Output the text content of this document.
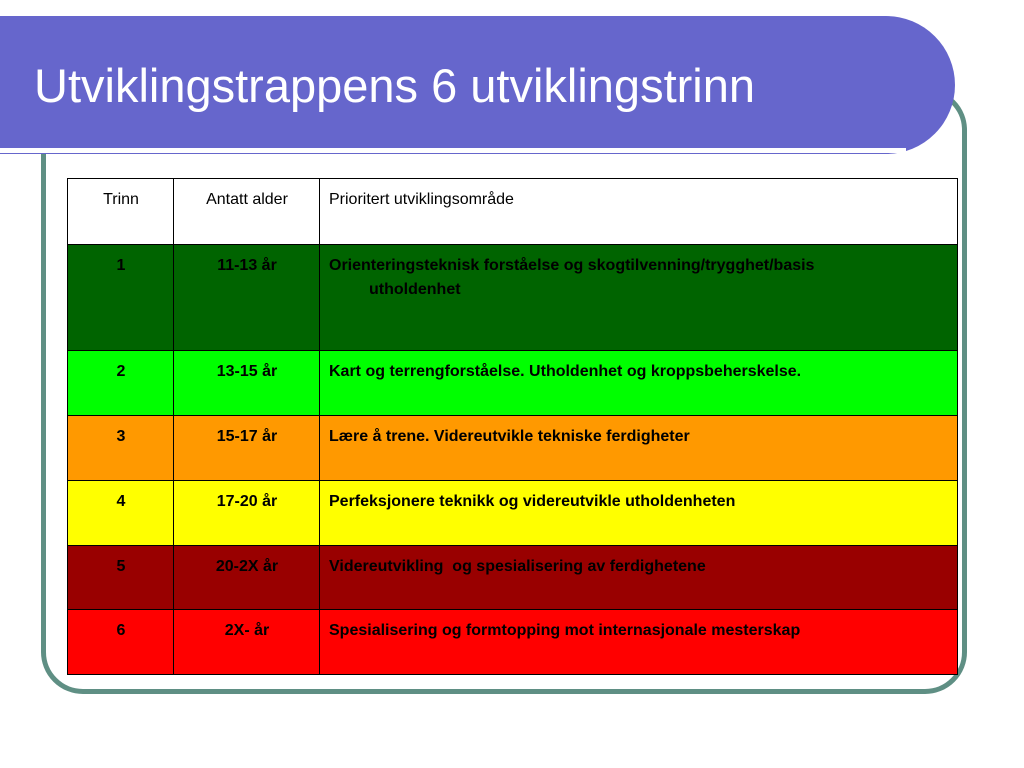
Utviklingstrappens 6 utviklingstrinn
Trinn	Antatt alder	Prioritert utviklingsområde
1	11-13 år	Orienteringsteknisk forståelse og skogtilvenning/trygghet/basis
utholdenhet

2	13-15 år	Kart og terrengforståelse. Utholdenhet og kroppsbeherskelse.
3	15-17 år	Lære å trene. Videreutvikle tekniske ferdigheter
4	17-20 år	Perfeksjonere teknikk og videreutvikle utholdenheten
5	20-2X år	Videreutvikling  og spesialisering av ferdighetene
6	2X- år	Spesialisering og formtopping mot internasjonale mesterskap
